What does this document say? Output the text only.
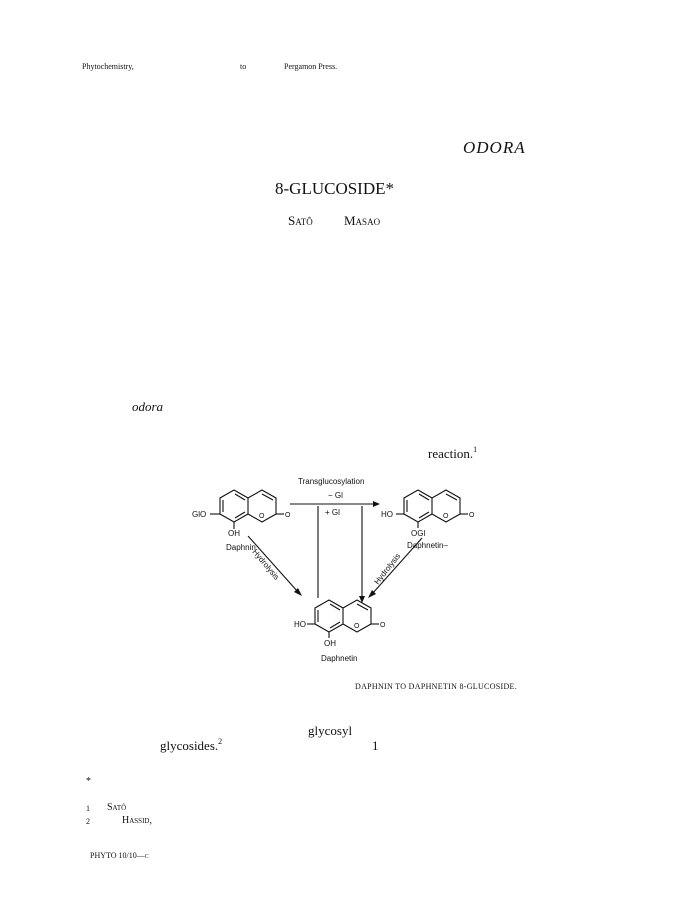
Phytochemistry,	to	Pergamon Press.
ODORA
8-GLUCOSIDE*
Satô Masao
odora
reaction.$^1$
Transglucosylation
− Gl
+ Gl
GlO
OH
O	O
Daphnin
HO
OGl
O	O
Daphnetin–
Hydrolysis	Hydrolysis
HO
OH
O	O
Daphnetin
DAPHNIN TO DAPHNETIN 8-GLUCOSIDE.
glycosyl
glycosides.$^2$	1
*
1 Satô
2	Hassid,
PHYTO 10/10—c
